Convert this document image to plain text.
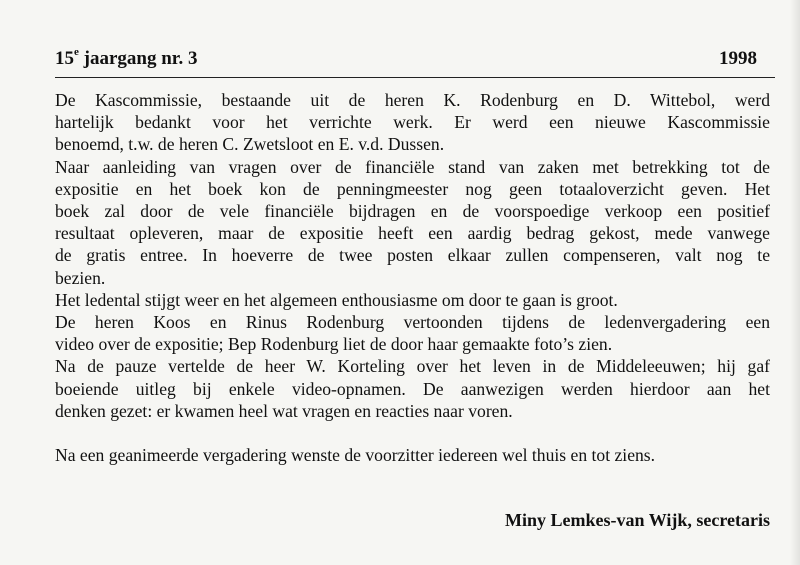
15e jaargang nr. 3	1998

De Kascommissie, bestaande uit de heren K. Rodenburg en D. Wittebol, werd
hartelijk bedankt voor het verrichte werk. Er werd een nieuwe Kascommissie
benoemd, t.w. de heren C. Zwetsloot en E. v.d. Dussen.

Naar aanleiding van vragen over de financiële stand van zaken met betrekking tot de
expositie en het boek kon de penningmeester nog geen totaaloverzicht geven. Het
boek zal door de vele financiële bijdragen en de voorspoedige verkoop een positief
resultaat opleveren, maar de expositie heeft een aardig bedrag gekost, mede vanwege
de gratis entree. In hoeverre de twee posten elkaar zullen compenseren, valt nog te
bezien.

Het ledental stijgt weer en het algemeen enthousiasme om door te gaan is groot.

De heren Koos en Rinus Rodenburg vertoonden tijdens de ledenvergadering een
video over de expositie; Bep Rodenburg liet de door haar gemaakte foto’s zien.

Na de pauze vertelde de heer W. Korteling over het leven in de Middeleeuwen; hij gaf
boeiende uitleg bij enkele video-opnamen. De aanwezigen werden hierdoor aan het
denken gezet: er kwamen heel wat vragen en reacties naar voren.

Na een geanimeerde vergadering wenste de voorzitter iedereen wel thuis en tot ziens.

Miny Lemkes-van Wijk, secretaris
